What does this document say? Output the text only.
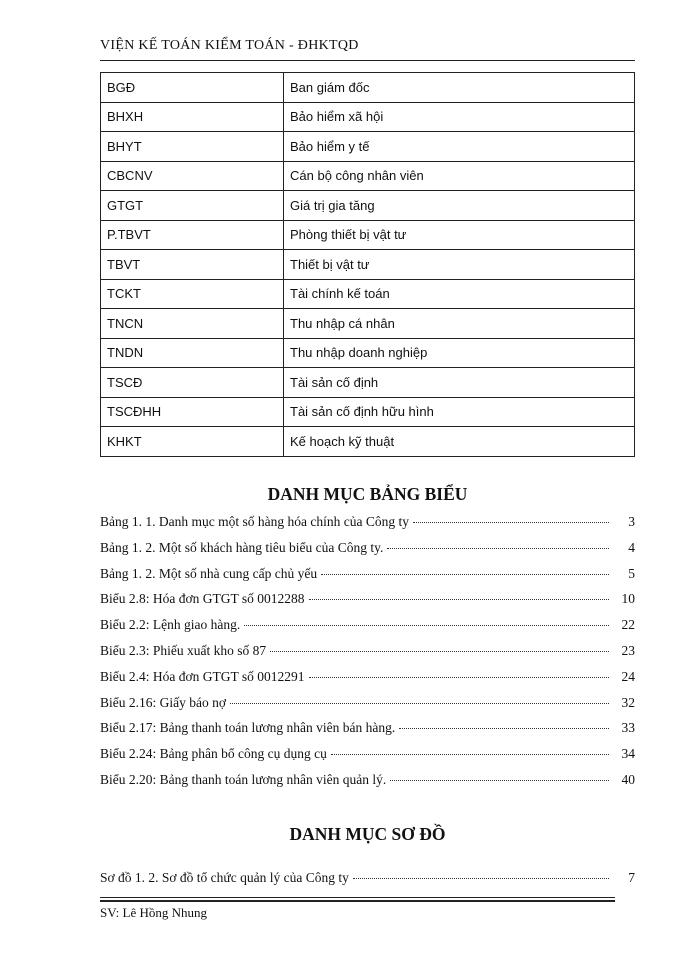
VIỆN KẾ TOÁN KIỂM TOÁN - ĐHKTQD
BGĐ	Ban giám đốc
BHXH	Bảo hiểm xã hội
BHYT	Bảo hiểm y tế
CBCNV	Cán bộ công nhân viên
GTGT	Giá trị gia tăng
P.TBVT	Phòng thiết bị vật tư
TBVT	Thiết bị vật tư
TCKT	Tài chính kế toán
TNCN	Thu nhập cá nhân
TNDN	Thu nhập doanh nghiệp
TSCĐ	Tài sản cố định
TSCĐHH	Tài sản cố định hữu hình
KHKT	Kế hoạch kỹ thuật
DANH MỤC BẢNG BIỂU
Bảng 1. 1. Danh mục một số hàng hóa chính của Công ty	3
Bảng 1. 2. Một số khách hàng tiêu biểu của Công ty.	4
Bảng 1. 2. Một số nhà cung cấp chủ yếu	5
Biểu 2.8: Hóa đơn GTGT số 0012288	10
Biểu 2.2: Lệnh giao hàng.	22
Biểu 2.3: Phiếu xuất kho số 87	23
Biểu 2.4: Hóa đơn GTGT số 0012291	24
Biểu 2.16: Giấy báo nợ	32
Biểu 2.17: Bảng thanh toán lương nhân viên bán hàng.	33
Biểu 2.24: Bảng phân bổ công cụ dụng cụ	34
Biểu 2.20: Bảng thanh toán lương nhân viên quản lý.	40
DANH MỤC SƠ ĐỒ
Sơ đồ 1. 2. Sơ đồ tổ chức quản lý của Công ty	7
SV: Lê Hồng Nhung
